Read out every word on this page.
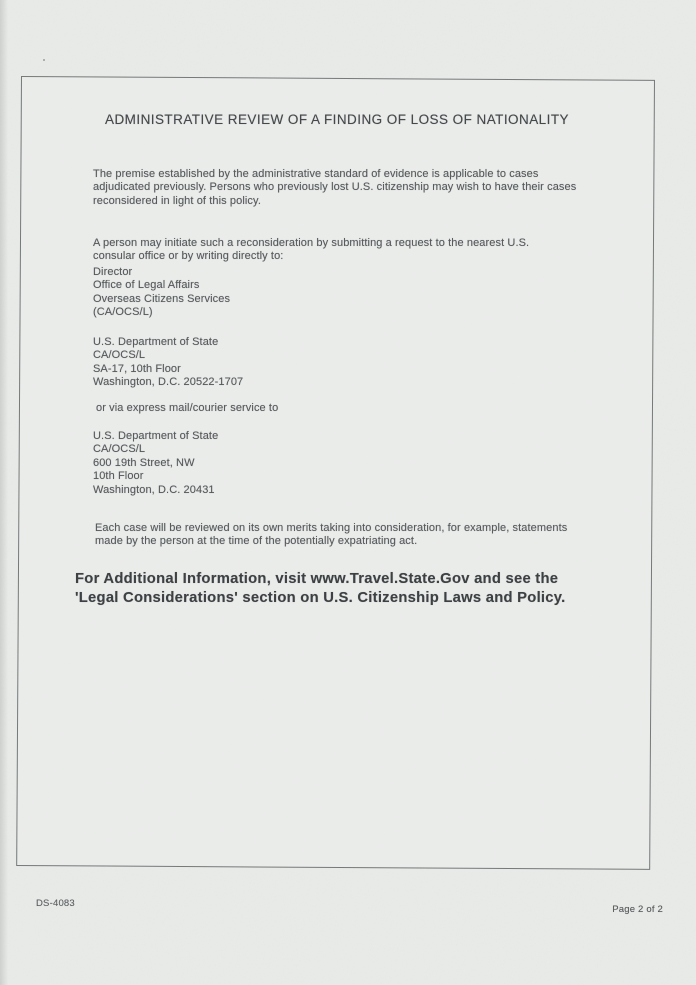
ADMINISTRATIVE REVIEW OF A FINDING OF LOSS OF NATIONALITY

The premise established by the administrative standard of evidence is applicable to cases adjudicated previously. Persons who previously lost U.S. citizenship may wish to have their cases reconsidered in light of this policy.

A person may initiate such a reconsideration by submitting a request to the nearest U.S. consular office or by writing directly to:

Director
Office of Legal Affairs
Overseas Citizens Services
(CA/OCS/L)
U.S. Department of State
CA/OCS/L
SA-17, 10th Floor
Washington, D.C. 20522-1707
or via express mail/courier service to
U.S. Department of State
CA/OCS/L
600 19th Street, NW
10th Floor
Washington, D.C. 20431

Each case will be reviewed on its own merits taking into consideration, for example, statements made by the person at the time of the potentially expatriating act.

For Additional Information, visit www.Travel.State.Gov and see the
'Legal Considerations' section on U.S. Citizenship Laws and Policy.
DS-4083
Page 2 of 2
